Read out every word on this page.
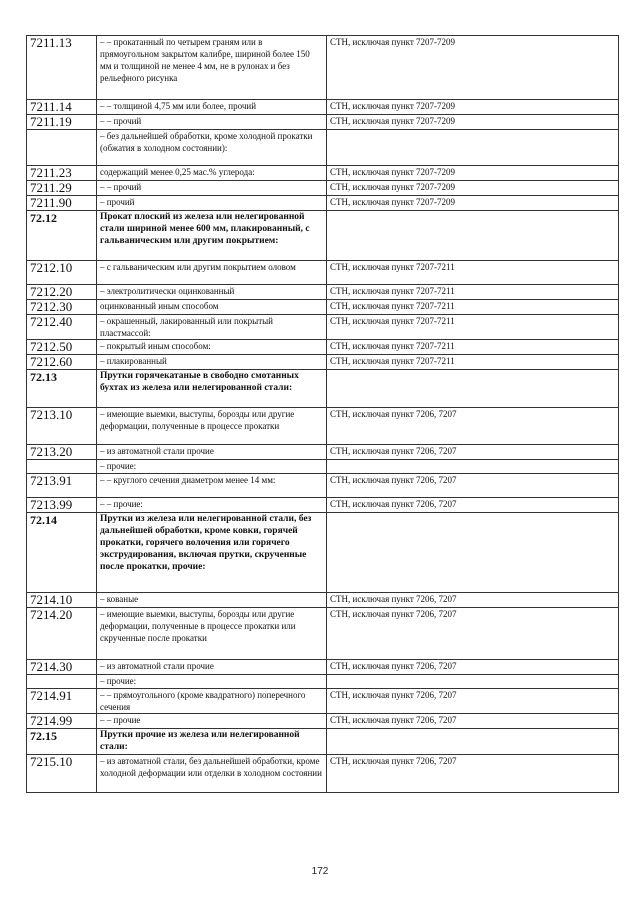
7211.13	– – прокатанный по четырем граням или в прямоугольном закрытом калибре, шириной более 150 мм и толщиной не менее 4 мм, не в рулонах и без рельефного рисунка	СТН, исключая пункт 7207-7209
7211.14	– – толщиной 4,75 мм или более, прочий	СТН, исключая пункт 7207-7209
7211.19	– – прочий	СТН, исключая пункт 7207-7209
	– без дальнейшей обработки, кроме холодной прокатки (обжатия в холодном состоянии):	
7211.23	содержащий менее 0,25 мас.% углерода:	СТН, исключая пункт 7207-7209
7211.29	– – прочий	СТН, исключая пункт 7207-7209
7211.90	– прочий	СТН, исключая пункт 7207-7209
72.12	Прокат плоский из железа или нелегированной стали шириной менее 600 мм, плакированный, с гальваническим или другим покрытием:	
7212.10	– с гальваническим или другим покрытием оловом	СТН, исключая пункт 7207-7211
7212.20	– электролитически оцинкованный	СТН, исключая пункт 7207-7211
7212.30	оцинкованный иным способом	СТН, исключая пункт 7207-7211
7212.40	– окрашенный, лакированный или покрытый пластмассой:	СТН, исключая пункт 7207-7211
7212.50	– покрытый иным способом:	СТН, исключая пункт 7207-7211
7212.60	– плакированный	СТН, исключая пункт 7207-7211
72.13	Прутки горячекатаные в свободно смотанных бухтах из железа или нелегированной стали:	
7213.10	– имеющие выемки, выступы, борозды или другие деформации, полученные в процессе прокатки	СТН, исключая пункт 7206, 7207
7213.20	– из автоматной стали прочие	СТН, исключая пункт 7206, 7207
	– прочие:	
7213.91	– – круглого сечения диаметром менее 14 мм:	СТН, исключая пункт 7206, 7207
7213.99	– – прочие:	СТН, исключая пункт 7206, 7207
72.14	Прутки из железа или нелегированной стали, без дальнейшей обработки, кроме ковки, горячей прокатки, горячего волочения или горячего экструдирования, включая прутки, скрученные после прокатки, прочие:	
7214.10	– кованые	СТН, исключая пункт 7206, 7207
7214.20	– имеющие выемки, выступы, борозды или другие деформации, полученные в процессе прокатки или скрученные после прокатки	СТН, исключая пункт 7206, 7207
7214.30	– из автоматной стали прочие	СТН, исключая пункт 7206, 7207
	– прочие:	
7214.91	– – прямоугольного (кроме квадратного) поперечного сечения	СТН, исключая пункт 7206, 7207
7214.99	– – прочие	СТН, исключая пункт 7206, 7207
72.15	Прутки прочие из железа или нелегированной стали:	
7215.10	– из автоматной стали, без дальнейшей обработки, кроме холодной деформации или отделки в холодном состоянии	СТН, исключая пункт 7206, 7207
172
